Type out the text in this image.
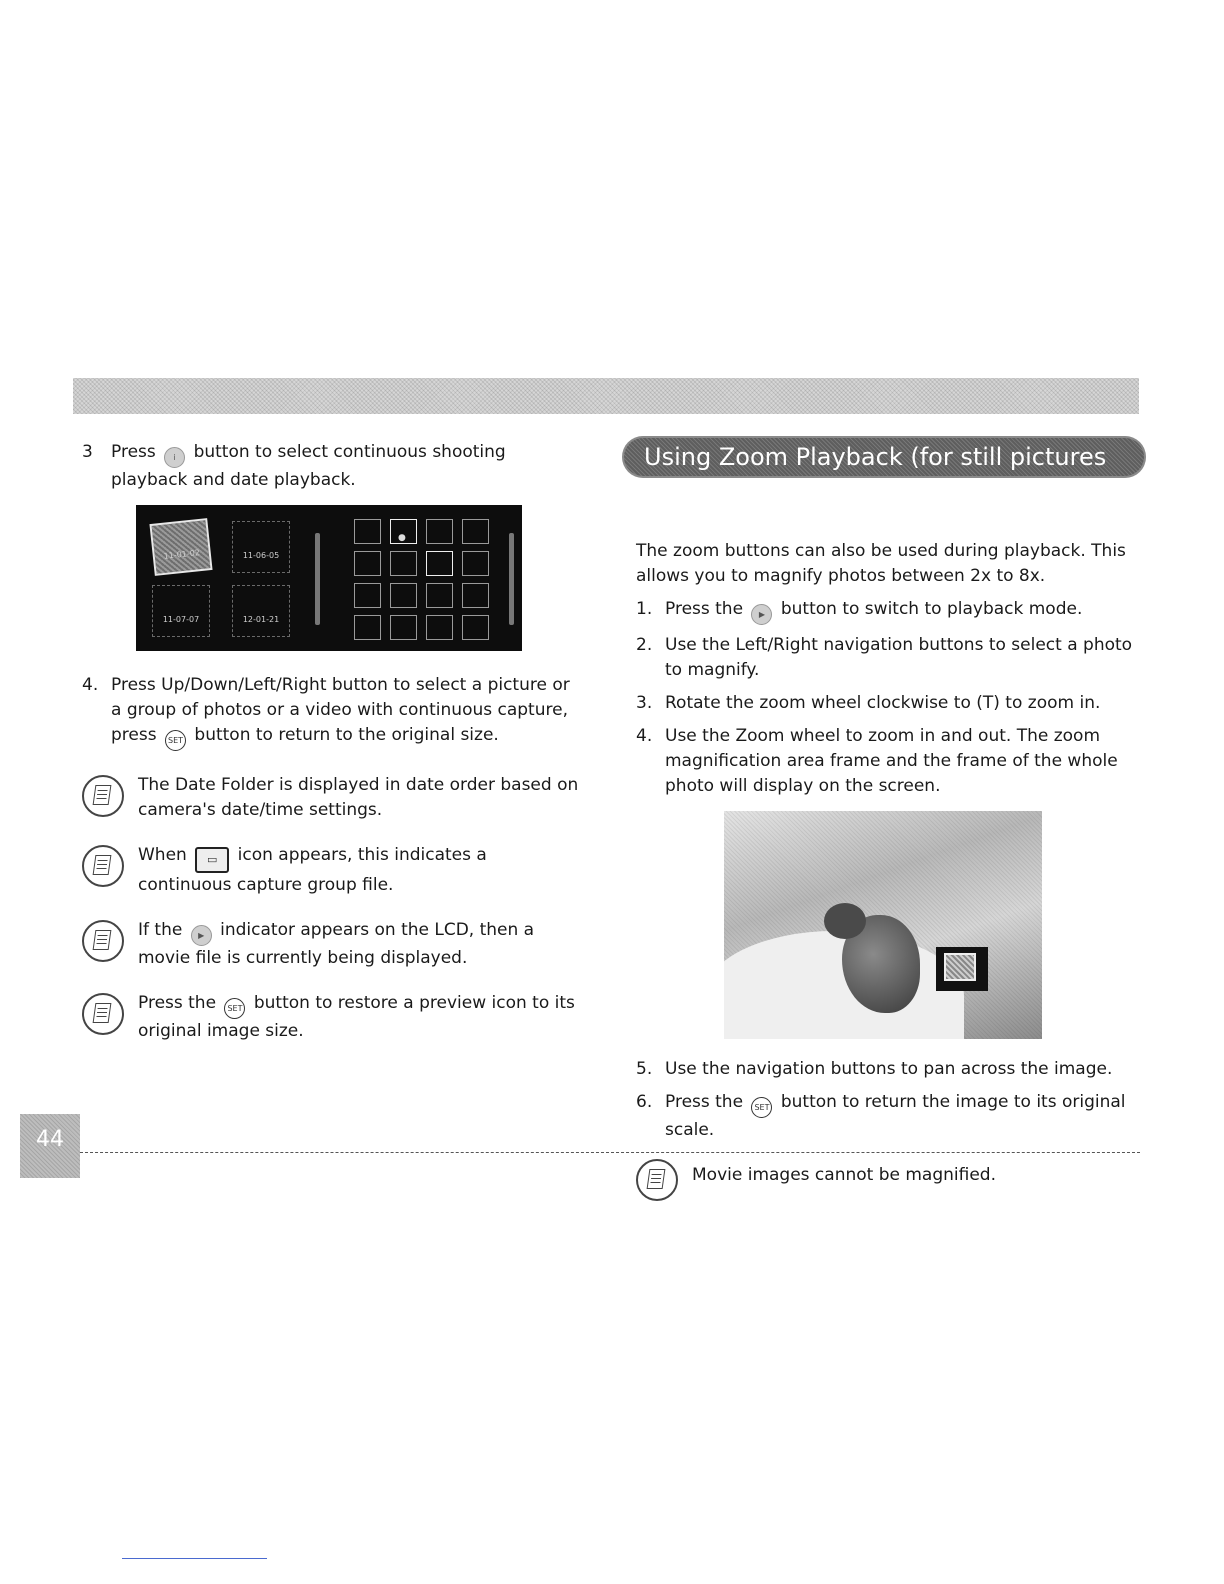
3	Press i button to select continuous shooting playback and date playback.
11-01-02	11-06-05
11-07-07	12-01-21
●
4. Press Up/Down/Left/Right button to select a picture or a group of photos or a video with continuous capture, press SET button to return to the original size.
The Date Folder is displayed in date order based on camera's date/time settings.
When ▭ icon appears, this indicates a continuous capture group file.
If the ▶ indicator appears on the LCD, then a movie file is currently being displayed.
Press the SET button to restore a preview icon to its original image size.
Using Zoom Playback (for still pictures only)
The zoom buttons can also be used during playback. This allows you to magnify photos between 2x to 8x.
1. Press the ▶ button to switch to playback mode.
2. Use the Left/Right navigation buttons to select a photo to magnify.
3. Rotate the zoom wheel clockwise to (T) to zoom in.
4. Use the Zoom wheel to zoom in and out. The zoom magnification area frame and the frame of the whole photo will display on the screen.
5. Use the navigation buttons to pan across the image.
6. Press the SET button to return the image to its original scale.
Movie images cannot be magnified.
44
